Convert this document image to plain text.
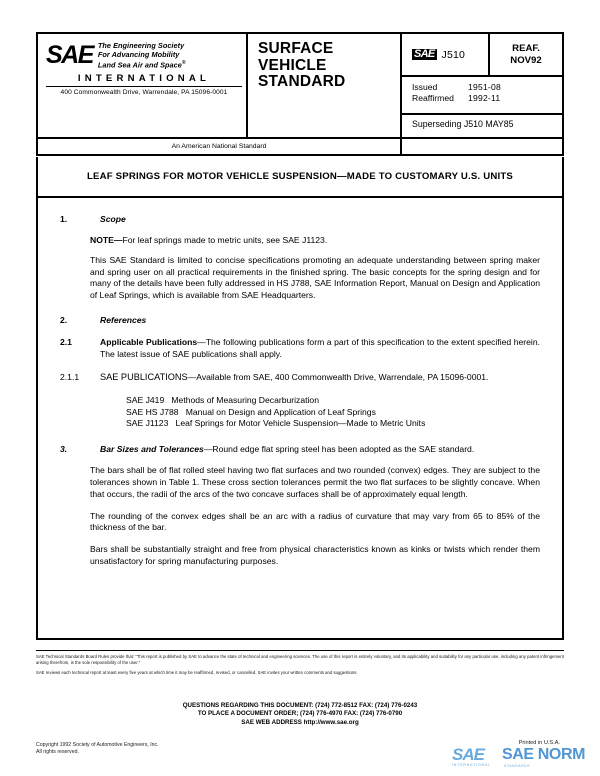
SAE The Engineering Society
For Advancing Mobility
Land Sea Air and Space®
INTERNATIONAL
400 Commonwealth Drive, Warrendale, PA 15096-0001
SURFACE
VEHICLE
STANDARD
SAE J510
REAF.
NOV92
Issued	1951-08
Reaffirmed	1992-11
Superseding J510 MAY85
An American National Standard
LEAF SPRINGS FOR MOTOR VEHICLE SUSPENSION—MADE TO CUSTOMARY U.S. UNITS
1.	Scope
NOTE—For leaf springs made to metric units, see SAE J1123.
This SAE Standard is limited to concise specifications promoting an adequate understanding between spring maker and spring user on all practical requirements in the finished spring. The basic concepts for the spring design and for many of the details have been fully addressed in HS J788, SAE Information Report, Manual on Design and Application of Leaf Springs, which is available from SAE Headquarters.
2.	References
2.1	Applicable Publications—The following publications form a part of this specification to the extent specified herein. The latest issue of SAE publications shall apply.
2.1.1	SAE PUBLICATIONS—Available from SAE, 400 Commonwealth Drive, Warrendale, PA 15096-0001.
SAE J419 Methods of Measuring Decarburization
SAE HS J788 Manual on Design and Application of Leaf Springs
SAE J1123 Leaf Springs for Motor Vehicle Suspension—Made to Metric Units
3.	Bar Sizes and Tolerances—Round edge flat spring steel has been adopted as the SAE standard.
The bars shall be of flat rolled steel having two flat surfaces and two rounded (convex) edges. They are subject to the tolerances shown in Table 1. These cross section tolerances permit the two flat surfaces to be slightly concave. When that occurs, the radii of the arcs of the two concave surfaces shall be of approximately equal length.
The rounding of the convex edges shall be an arc with a radius of curvature that may vary from 65 to 85% of the thickness of the bar.
Bars shall be substantially straight and free from physical characteristics known as kinks or twists which render them unsatisfactory for spring manufacturing purposes.
SAE Technical Standards Board Rules provide that: “This report is published by SAE to advance the state of technical and engineering sciences. The use of this report is entirely voluntary, and its applicability and suitability for any particular use, including any patent infringement arising therefrom, is the sole responsibility of the user.”
SAE reviews each technical report at least every five years at which time it may be reaffirmed, revised, or cancelled. SAE invites your written comments and suggestions.
QUESTIONS REGARDING THIS DOCUMENT: (724) 772-8512 FAX: (724) 776-0243
TO PLACE A DOCUMENT ORDER; (724) 776-4970 FAX: (724) 776-0790
SAE WEB ADDRESS http://www.sae.org
Copyright 1992 Society of Automotive Engineers, Inc.
All rights reserved.
Printed in U.S.A.
SAE
INTERNATIONAL
SAE NORM
STANDARDS
